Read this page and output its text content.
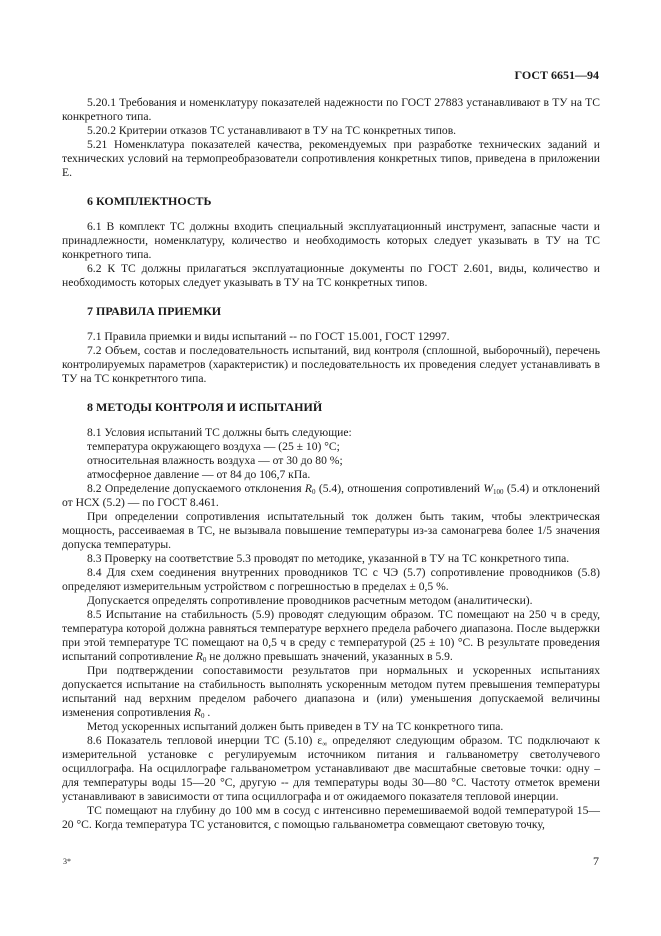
ГОСТ 6651—94

5.20.1 Требования и номенклатуру показателей надежности по ГОСТ 27883 устанавливают в ТУ на ТС конкретного типа.

5.20.2 Критерии отказов ТС устанавливают в ТУ на ТС конкретных типов.

5.21 Номенклатура показателей качества, рекомендуемых при разработке технических заданий и технических условий на термопреобразователи сопротивления конкретных типов, приведена в приложении Е.

6 КОМПЛЕКТНОСТЬ

6.1 В комплект ТС должны входить специальный эксплуатационный инструмент, запасные части и принадлежности, номенклатуру, количество и необходимость которых следует указывать в ТУ на ТС конкретного типа.

6.2 К ТС должны прилагаться эксплуатационные документы по ГОСТ 2.601, виды, количество и необходимость которых следует указывать в ТУ на ТС конкретных типов.

7 ПРАВИЛА ПРИЕМКИ

7.1 Правила приемки и виды испытаний -- по ГОСТ 15.001, ГОСТ 12997.

7.2 Объем, состав и последовательность испытаний, вид контроля (сплошной, выборочный), перечень контролируемых параметров (характеристик) и последовательность их проведения следует устанавливать в ТУ на ТС конкретнтого типа.

8 МЕТОДЫ КОНТРОЛЯ И ИСПЫТАНИЙ

8.1 Условия испытаний ТС должны быть следующие:

температура окружающего воздуха — (25 ± 10) °C;

относительная влажность воздуха — от 30 до 80 %;

атмосферное давление — от 84 до 106,7 кПа.

8.2 Определение допускаемого отклонения $R_0$ (5.4), отношения сопротивлений $W_{100}$ (5.4) и отклонений от НСХ (5.2) — по ГОСТ 8.461.

При определении сопротивления испытательный ток должен быть таким, чтобы электрическая мощность, рассеиваемая в ТС, не вызывала повышение температуры из-за самонагрева более 1/5 значения допуска температуры.

8.3 Проверку на соответствие 5.3 проводят по методике, указанной в ТУ на ТС конкретного типа.

8.4 Для схем соединения внутренних проводников ТС с ЧЭ (5.7) сопротивление проводников (5.8) определяют измерительным устройством с погрешностью в пределах ± 0,5 %.

Допускается определять сопротивление проводников расчетным методом (аналитически).

8.5 Испытание на стабильность (5.9) проводят следующим образом. ТС помещают на 250 ч в среду, температура которой должна равняться температуре верхнего предела рабочего диапазона. После выдержки при этой температуре ТС помещают на 0,5 ч в среду с температурой (25 ± 10) °C. В результате проведения испытаний сопротивление $R_0$ не должно превышать значений, указанных в 5.9.

При подтверждении сопоставимости результатов при нормальных и ускоренных испытаниях допускается испытание на стабильность выполнять ускоренным методом путем превышения температуры испытаний над верхним пределом рабочего диапазона и (или) уменьшения допускаемой величины изменения сопротивления $R_0$ .

Метод ускоренных испытаний должен быть приведен в ТУ на ТС конкретного типа.

8.6 Показатель тепловой инерции ТС (5.10) $\varepsilon_\infty$ определяют следующим образом. ТС подключают к измерительной установке с регулируемым источником питания и гальванометру светолучевого осциллографа. На осциллографе гальванометром устанавливают две масштабные световые точки: одну – для температуры воды 15—20 °C, другую -- для температуры воды 30—80 °C. Частоту отметок времени устанавливают в зависимости от типа осциллографа и от ожидаемого показателя тепловой инерции.

ТС помещают на глубину до 100 мм в сосуд с интенсивно перемешиваемой водой температурой 15—20 °C. Когда температура ТС установится, с помощью гальванометра совмещают световую точку,

3*	7
